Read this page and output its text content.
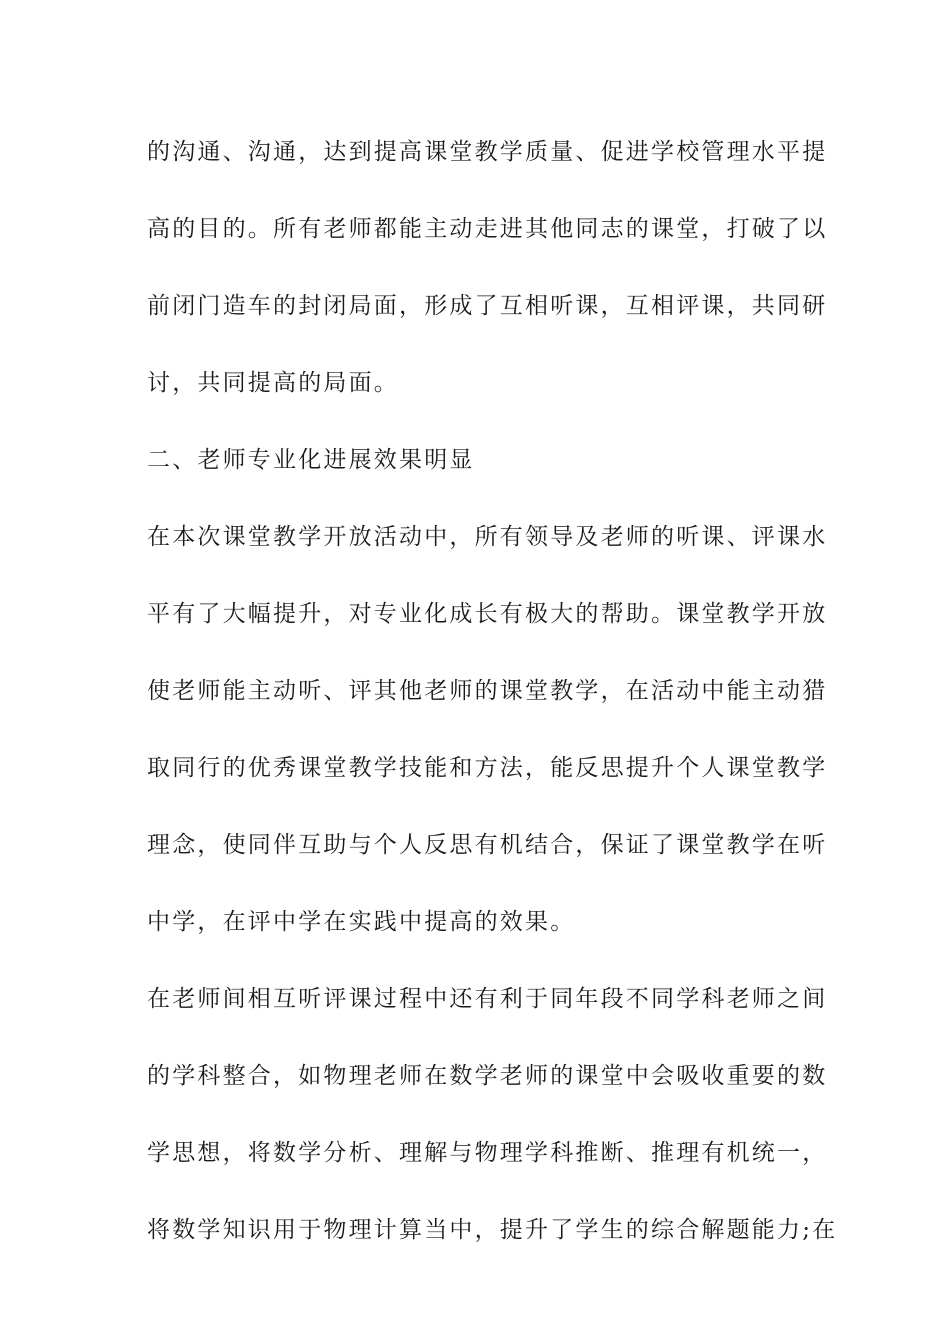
的沟通、沟通，达到提高课堂教学质量、促进学校管理水平提
高的目的。所有老师都能主动走进其他同志的课堂，打破了以
前闭门造车的封闭局面，形成了互相听课，互相评课，共同研
讨，共同提高的局面。
二、老师专业化进展效果明显
在本次课堂教学开放活动中，所有领导及老师的听课、评课水
平有了大幅提升，对专业化成长有极大的帮助。课堂教学开放
使老师能主动听、评其他老师的课堂教学，在活动中能主动猎
取同行的优秀课堂教学技能和方法，能反思提升个人课堂教学
理念，使同伴互助与个人反思有机结合，保证了课堂教学在听
中学，在评中学在实践中提高的效果。
在老师间相互听评课过程中还有利于同年段不同学科老师之间
的学科整合，如物理老师在数学老师的课堂中会吸收重要的数
学思想，将数学分析、理解与物理学科推断、推理有机统一，
将数学知识用于物理计算当中，提升了学生的综合解题能力;在
